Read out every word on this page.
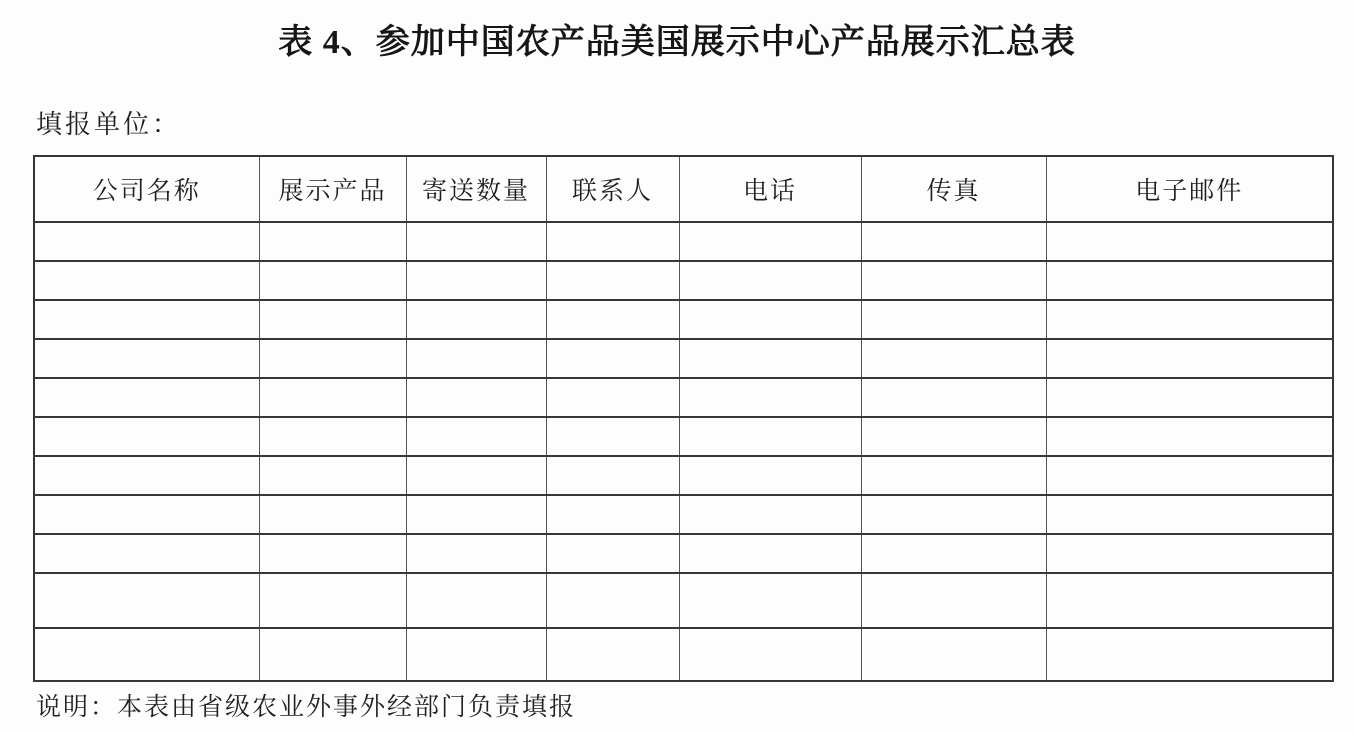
表 4、参加中国农产品美国展示中心产品展示汇总表
填报单位：
公司名称	展示产品	寄送数量	联系人	电话	传真	电子邮件

说明：本表由省级农业外事外经部门负责填报
